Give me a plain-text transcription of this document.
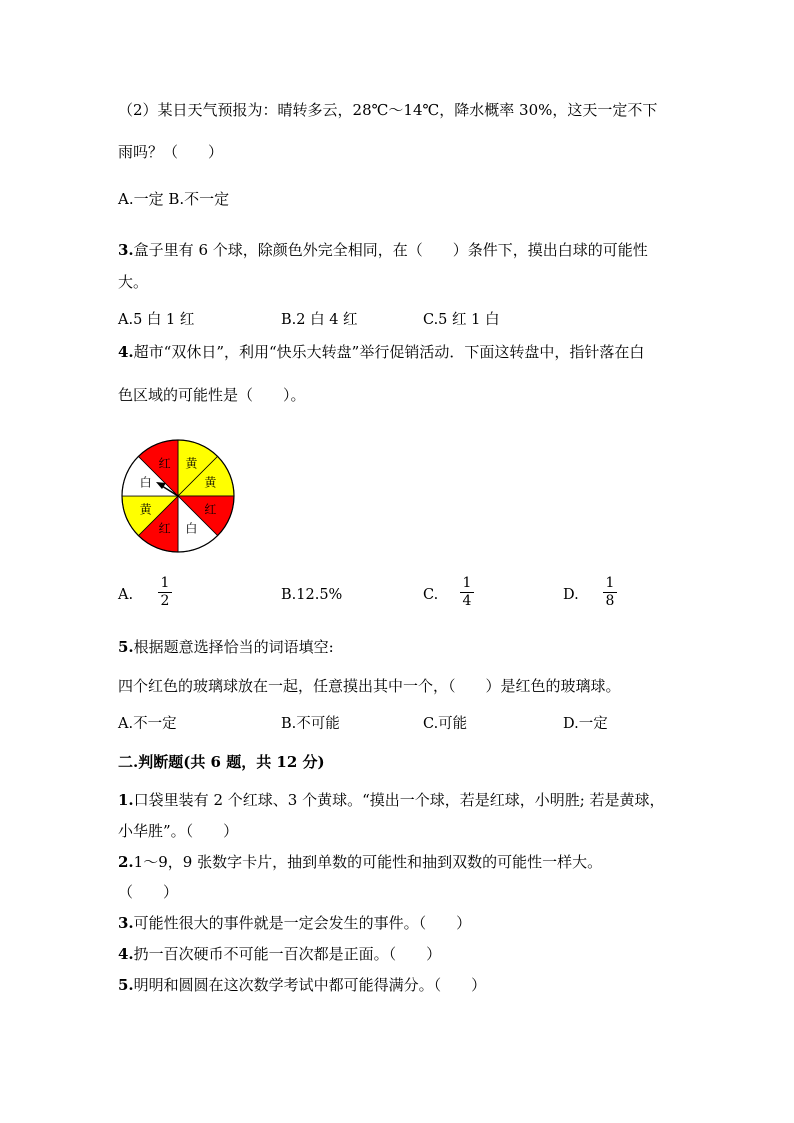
（2）某日天气预报为：晴转多云，28℃～14℃，降水概率 30%，这天一定不下
雨吗？（　　）
A.一定 B.不一定
3.盒子里有 6 个球，除颜色外完全相同，在（　　）条件下，摸出白球的可能性
大。
A.5 白 1 红	B.2 白 4 红	C.5 红 1 白
4.超市“双休日”，利用“快乐大转盘”举行促销活动．下面这转盘中，指针落在白
色区域的可能性是（　　）。
黄
黄
红
白
红
黄
白
红
A.
1
2	B.12.5%	C.
1
4	D.
1
8
5.根据题意选择恰当的词语填空:
四个红色的玻璃球放在一起，任意摸出其中一个，（　　）是红色的玻璃球。
A.不一定	B.不可能	C.可能	D.一定
二.判断题(共 6 题，共 12 分)
1.口袋里装有 2 个红球、3 个黄球。“摸出一个球，若是红球，小明胜; 若是黄球，
小华胜”。（　　）
2.1～9，9 张数字卡片，抽到单数的可能性和抽到双数的可能性一样大。
（　　）
3.可能性很大的事件就是一定会发生的事件。（　　）
4.扔一百次硬币不可能一百次都是正面。（　　）
5.明明和圆圆在这次数学考试中都可能得满分。（　　）
